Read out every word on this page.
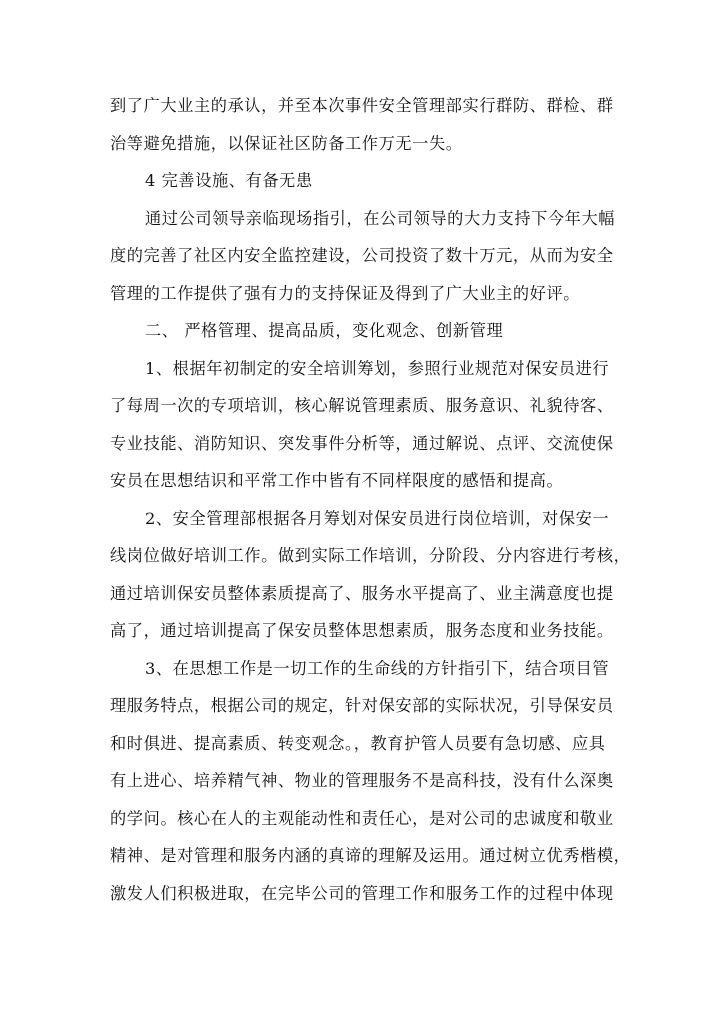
到了广大业主的承认，并至本次事件安全管理部实行群防、群检、群
治等避免措施，以保证社区防备工作万无一失。
4 完善设施、有备无患
通过公司领导亲临现场指引，在公司领导的大力支持下今年大幅
度的完善了社区内安全监控建设，公司投资了数十万元，从而为安全
管理的工作提供了强有力的支持保证及得到了广大业主的好评。
二、 严格管理、提高品质，变化观念、创新管理
1、根据年初制定的安全培训筹划，参照行业规范对保安员进行
了每周一次的专项培训，核心解说管理素质、服务意识、礼貌待客、
专业技能、消防知识、突发事件分析等，通过解说、点评、交流使保
安员在思想结识和平常工作中皆有不同样限度的感悟和提高。
2、安全管理部根据各月筹划对保安员进行岗位培训，对保安一
线岗位做好培训工作。做到实际工作培训，分阶段、分内容进行考核，
通过培训保安员整体素质提高了、服务水平提高了、业主满意度也提
高了，通过培训提高了保安员整体思想素质，服务态度和业务技能。
3、在思想工作是一切工作的生命线的方针指引下，结合项目管
理服务特点，根据公司的规定，针对保安部的实际状况，引导保安员
和时俱进、提高素质、转变观念。，教育护管人员要有急切感、应具
有上进心、培养精气神、物业的管理服务不是高科技，没有什么深奥
的学问。核心在人的主观能动性和责任心，是对公司的忠诚度和敬业
精神、是对管理和服务内涵的真谛的理解及运用。通过树立优秀楷模，
激发人们积极进取，在完毕公司的管理工作和服务工作的过程中体现
